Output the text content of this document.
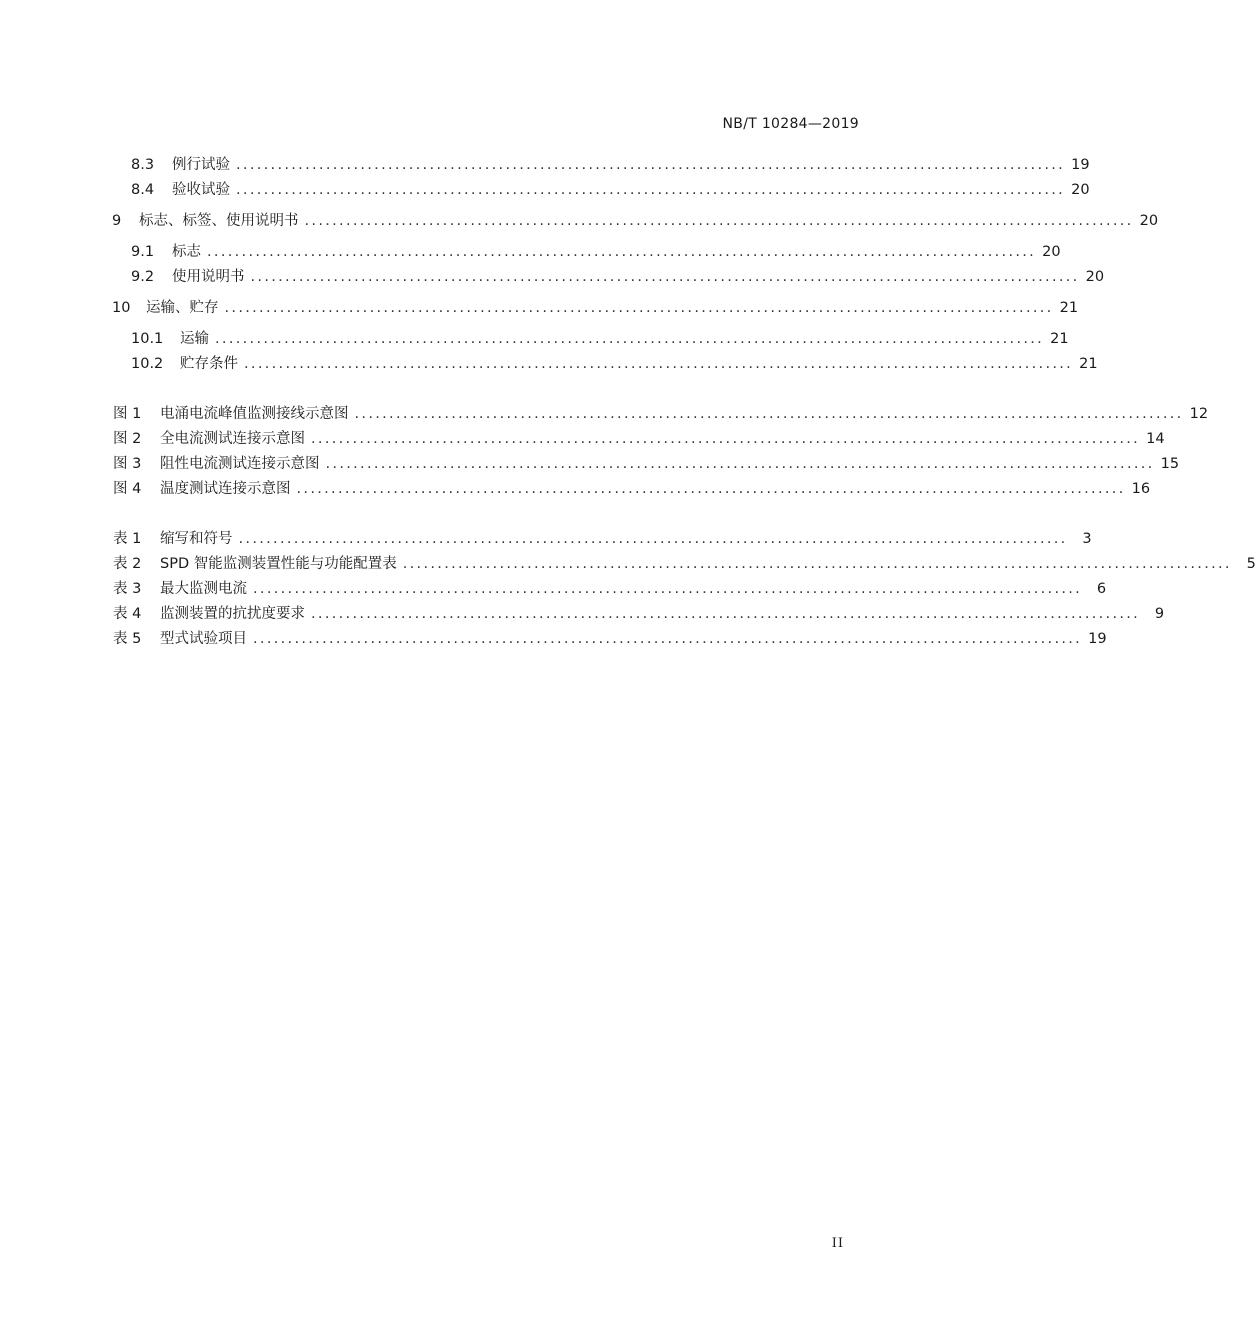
NB/T 10284—2019
8.3	例行试验 ........................................................................................................................ 19
8.4	验收试验 ........................................................................................................................ 20
9	标志、标签、使用说明书 ........................................................................................................................ 20
9.1	标志 ........................................................................................................................ 20
9.2	使用说明书 ........................................................................................................................ 20
10	运输、贮存 ........................................................................................................................ 21
10.1	运输 ........................................................................................................................ 21
10.2	贮存条件 ........................................................................................................................ 21
图 1	电涌电流峰值监测接线示意图 ........................................................................................................................ 12
图 2	全电流测试连接示意图 ........................................................................................................................ 14
图 3	阻性电流测试连接示意图 ........................................................................................................................ 15
图 4	温度测试连接示意图 ........................................................................................................................ 16
表 1	缩写和符号 ........................................................................................................................	3
表 2	SPD 智能监测装置性能与功能配置表 ........................................................................................................................	5
表 3	最大监测电流 ........................................................................................................................	6
表 4	监测装置的抗扰度要求 ........................................................................................................................	9
表 5	型式试验项目 ........................................................................................................................ 19
II
